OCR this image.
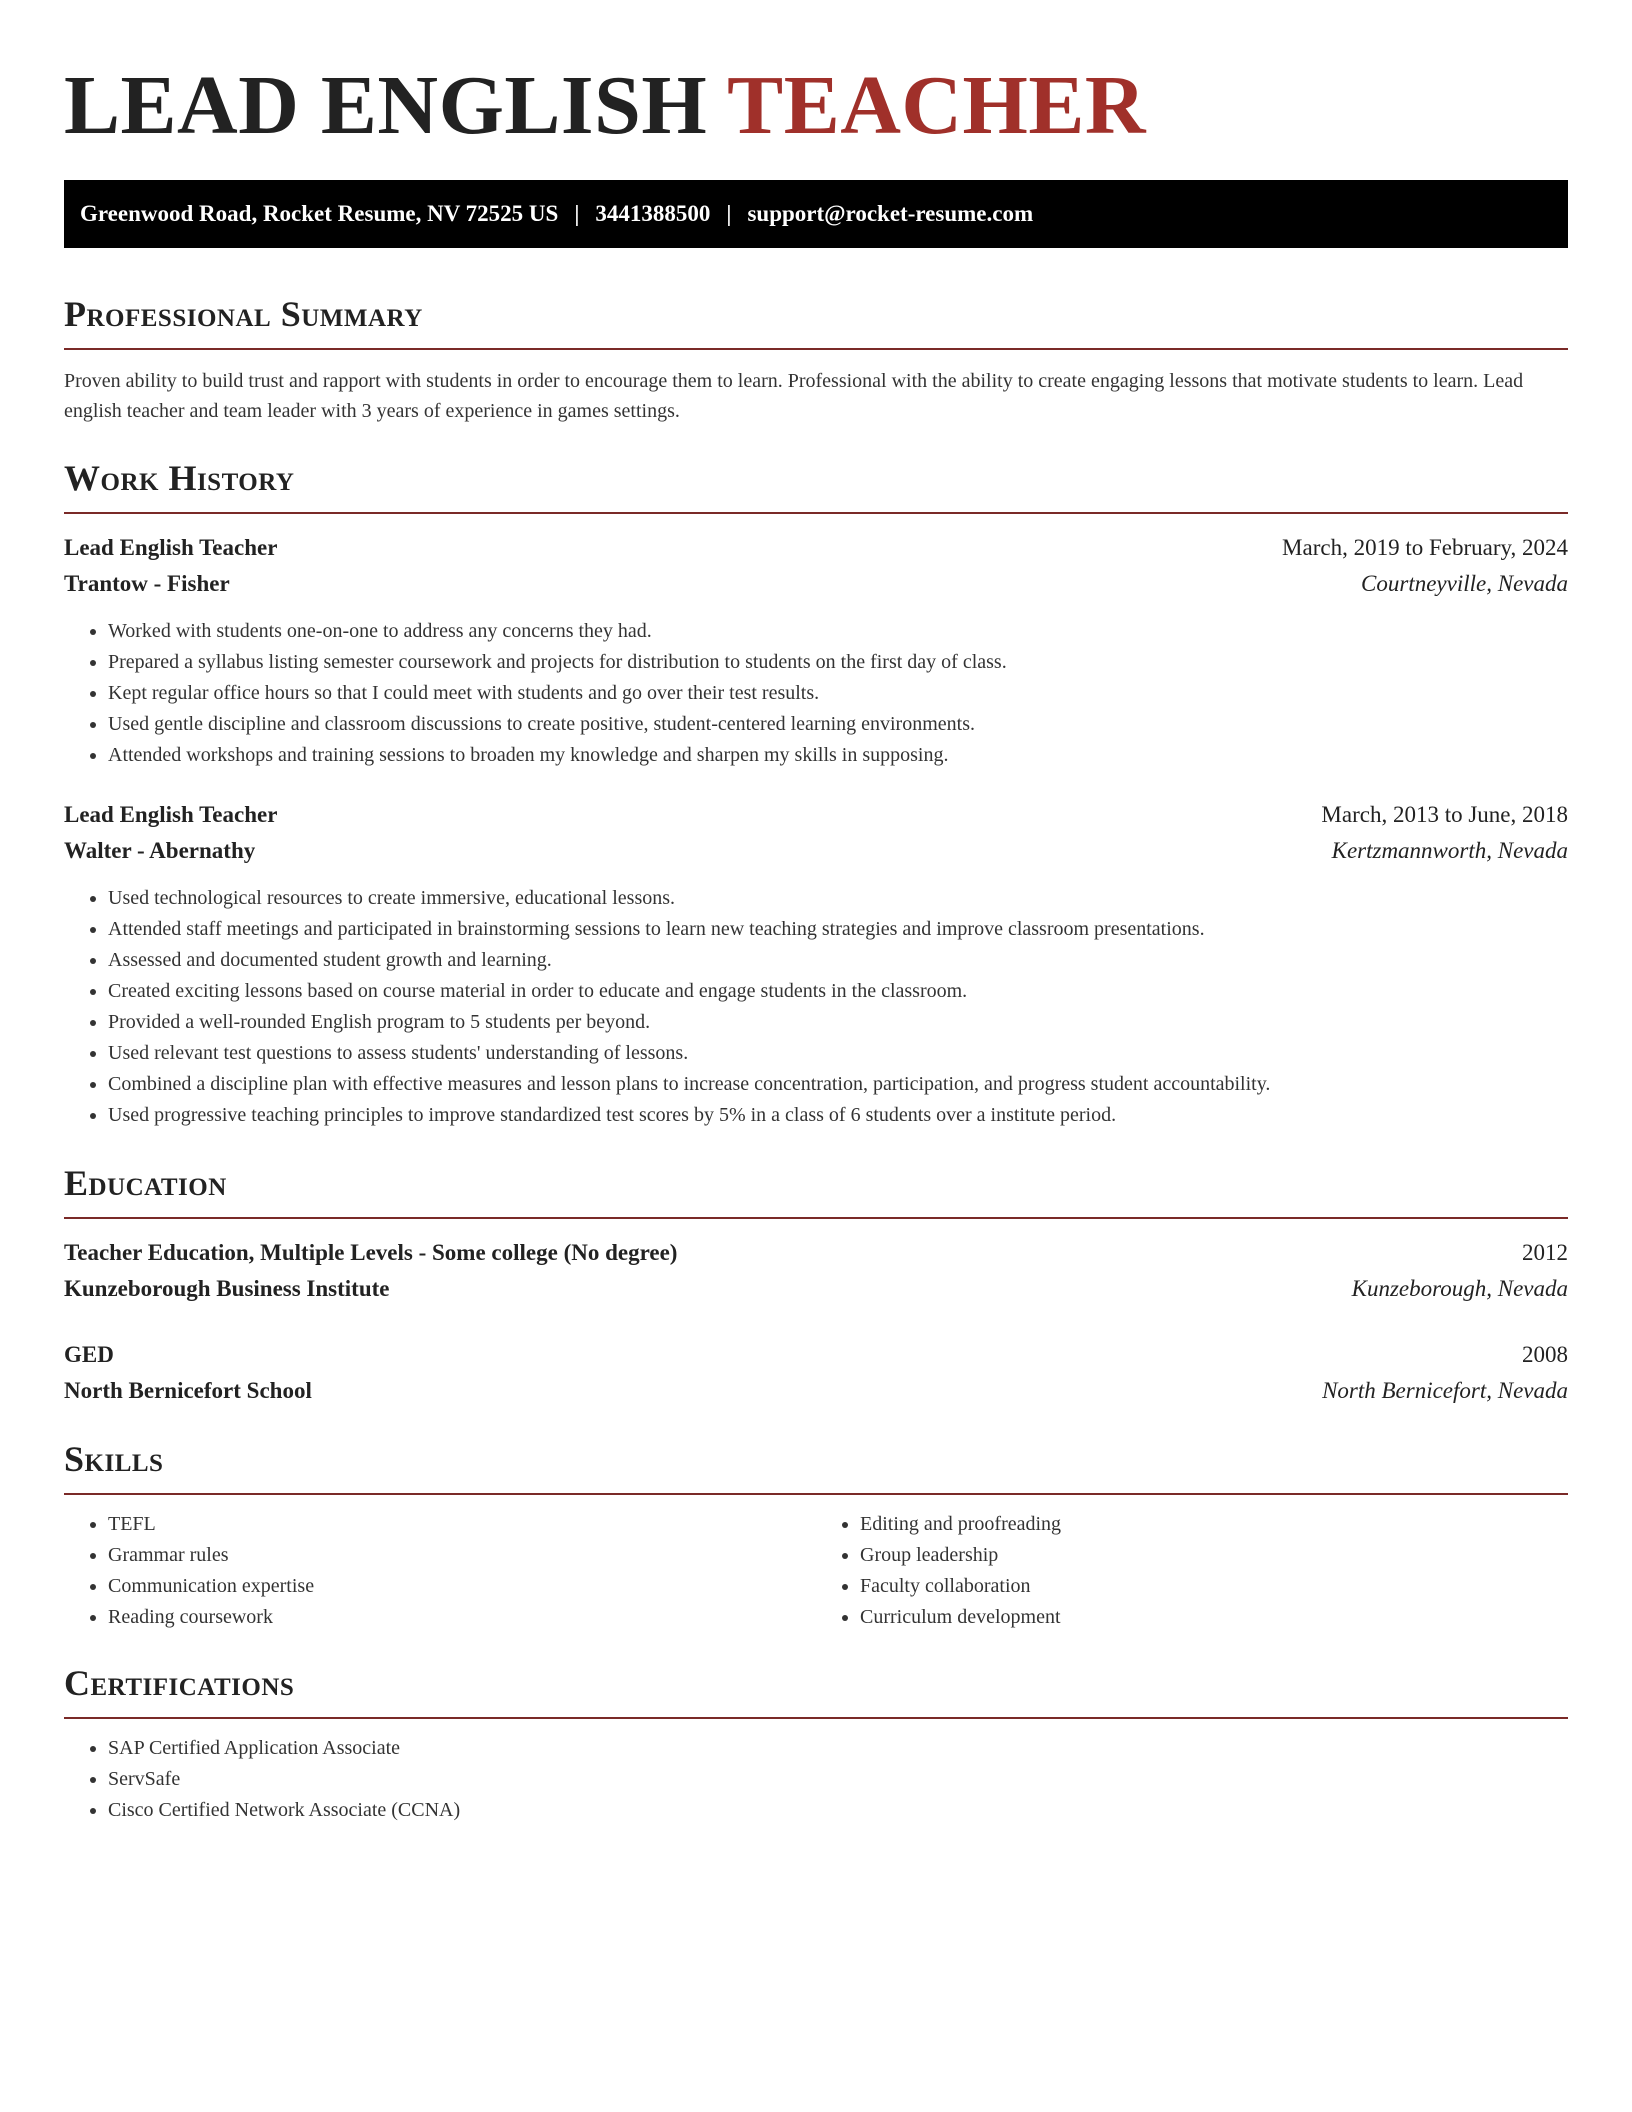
LEAD ENGLISH TEACHER
Greenwood Road, Rocket Resume, NV 72525 US | 3441388500 | support@rocket-resume.com
Professional Summary

Proven ability to build trust and rapport with students in order to encourage them to learn. Professional with the ability to create engaging lessons that motivate students to learn. Lead english teacher and team leader with 3 years of experience in games settings.

Work History
Lead English Teacher	March, 2019 to February, 2024
Trantow - Fisher	Courtneyville, Nevada
• Worked with students one-on-one to address any concerns they had.
• Prepared a syllabus listing semester coursework and projects for distribution to students on the first day of class.
• Kept regular office hours so that I could meet with students and go over their test results.
• Used gentle discipline and classroom discussions to create positive, student-centered learning environments.
• Attended workshops and training sessions to broaden my knowledge and sharpen my skills in supposing.
Lead English Teacher	March, 2013 to June, 2018
Walter - Abernathy	Kertzmannworth, Nevada
• Used technological resources to create immersive, educational lessons.
• Attended staff meetings and participated in brainstorming sessions to learn new teaching strategies and improve classroom presentations.
• Assessed and documented student growth and learning.
• Created exciting lessons based on course material in order to educate and engage students in the classroom.
• Provided a well-rounded English program to 5 students per beyond.
• Used relevant test questions to assess students' understanding of lessons.
• Combined a discipline plan with effective measures and lesson plans to increase concentration, participation, and progress student accountability.
• Used progressive teaching principles to improve standardized test scores by 5% in a class of 6 students over a institute period.
Education
Teacher Education, Multiple Levels - Some college (No degree)	2012
Kunzeborough Business Institute	Kunzeborough, Nevada
GED	2008
North Bernicefort School	North Bernicefort, Nevada
Skills
• TEFL
• Grammar rules
• Communication expertise
• Reading coursework
• Editing and proofreading
• Group leadership
• Faculty collaboration
• Curriculum development
Certifications
• SAP Certified Application Associate
• ServSafe
• Cisco Certified Network Associate (CCNA)
